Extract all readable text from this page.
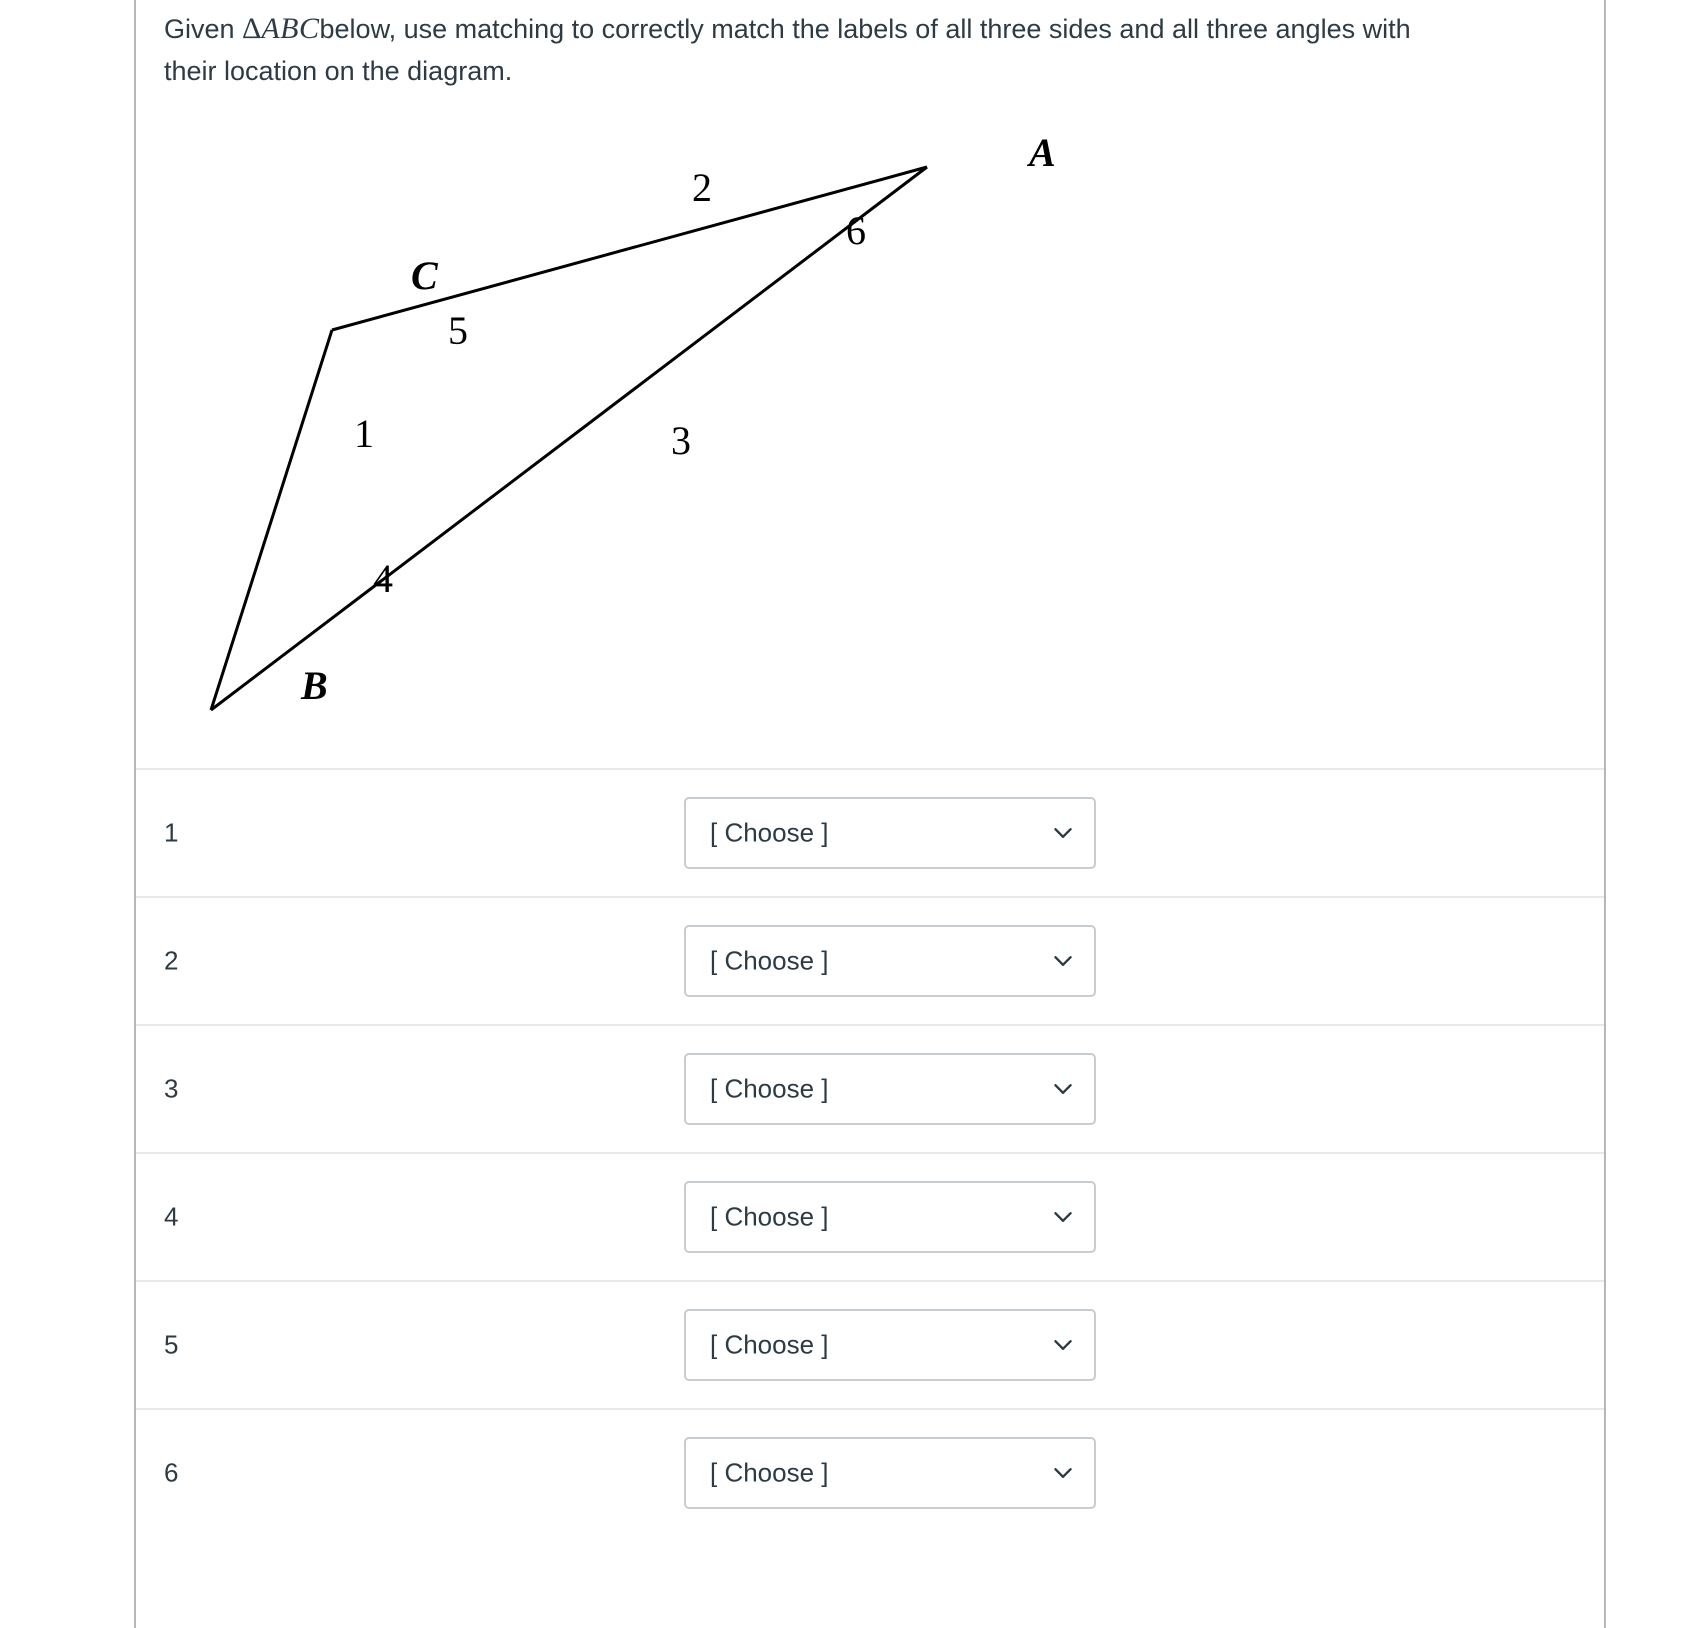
Given ΔABCbelow, use matching to correctly match the labels of all three sides and all three angles with their location on the diagram.
A
B
C
1
2
3
4
5
6
1	[ Choose ]
2	[ Choose ]
3	[ Choose ]
4	[ Choose ]
5	[ Choose ]
6	[ Choose ]
